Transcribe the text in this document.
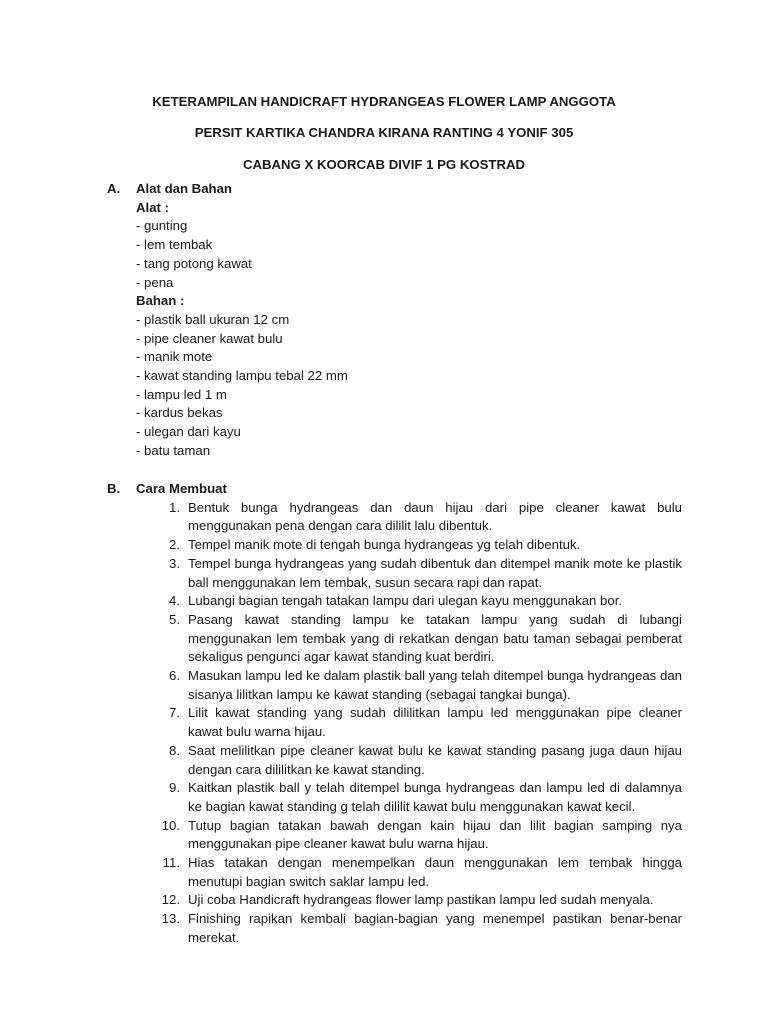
KETERAMPILAN HANDICRAFT HYDRANGEAS FLOWER LAMP ANGGOTA
PERSIT KARTIKA CHANDRA KIRANA RANTING 4 YONIF 305
CABANG X KOORCAB DIVIF 1 PG KOSTRAD
A.	Alat dan Bahan
Alat :
- gunting
- lem tembak
- tang potong kawat
- pena
Bahan :
- plastik ball ukuran 12 cm
- pipe cleaner kawat bulu
- manik mote
- kawat standing lampu tebal 22 mm
- lampu led 1 m
- kardus bekas
- ulegan dari kayu
- batu taman
B.	Cara Membuat
1. Bentuk bunga hydrangeas dan daun hijau dari pipe cleaner kawat bulu menggunakan pena dengan cara dililit lalu dibentuk.
2. Tempel manik mote di tengah bunga hydrangeas yg telah dibentuk.
3. Tempel bunga hydrangeas yang sudah dibentuk dan ditempel manik mote ke plastik ball menggunakan lem tembak, susun secara rapi dan rapat.
4. Lubangi bagian tengah tatakan lampu dari ulegan kayu menggunakan bor.
5. Pasang kawat standing lampu ke tatakan lampu yang sudah di lubangi menggunakan lem tembak yang di rekatkan dengan batu taman sebagai pemberat sekaligus pengunci agar kawat standing kuat berdiri.
6. Masukan lampu led ke dalam plastik ball yang telah ditempel bunga hydrangeas dan sisanya lilitkan lampu ke kawat standing (sebagai tangkai bunga).
7. Lilit kawat standing yang sudah dililitkan lampu led menggunakan pipe cleaner kawat bulu warna hijau.
8. Saat melilitkan pipe cleaner kawat bulu ke kawat standing pasang juga daun hijau dengan cara dililitkan ke kawat standing.
9. Kaitkan plastik ball y telah ditempel bunga hydrangeas dan lampu led di dalamnya ke bagian kawat standing g telah dililit kawat bulu menggunakan kawat kecil.
10. Tutup bagian tatakan bawah dengan kain hijau dan lilit bagian samping nya menggunakan pipe cleaner kawat bulu warna hijau.
11. Hias tatakan dengan menempelkan daun menggunakan lem tembak hingga menutupi bagian switch saklar lampu led.
12. Uji coba Handicraft hydrangeas flower lamp pastikan lampu led sudah menyala.
13. Finishing rapikan kembali bagian-bagian yang menempel pastikan benar-benar merekat.
